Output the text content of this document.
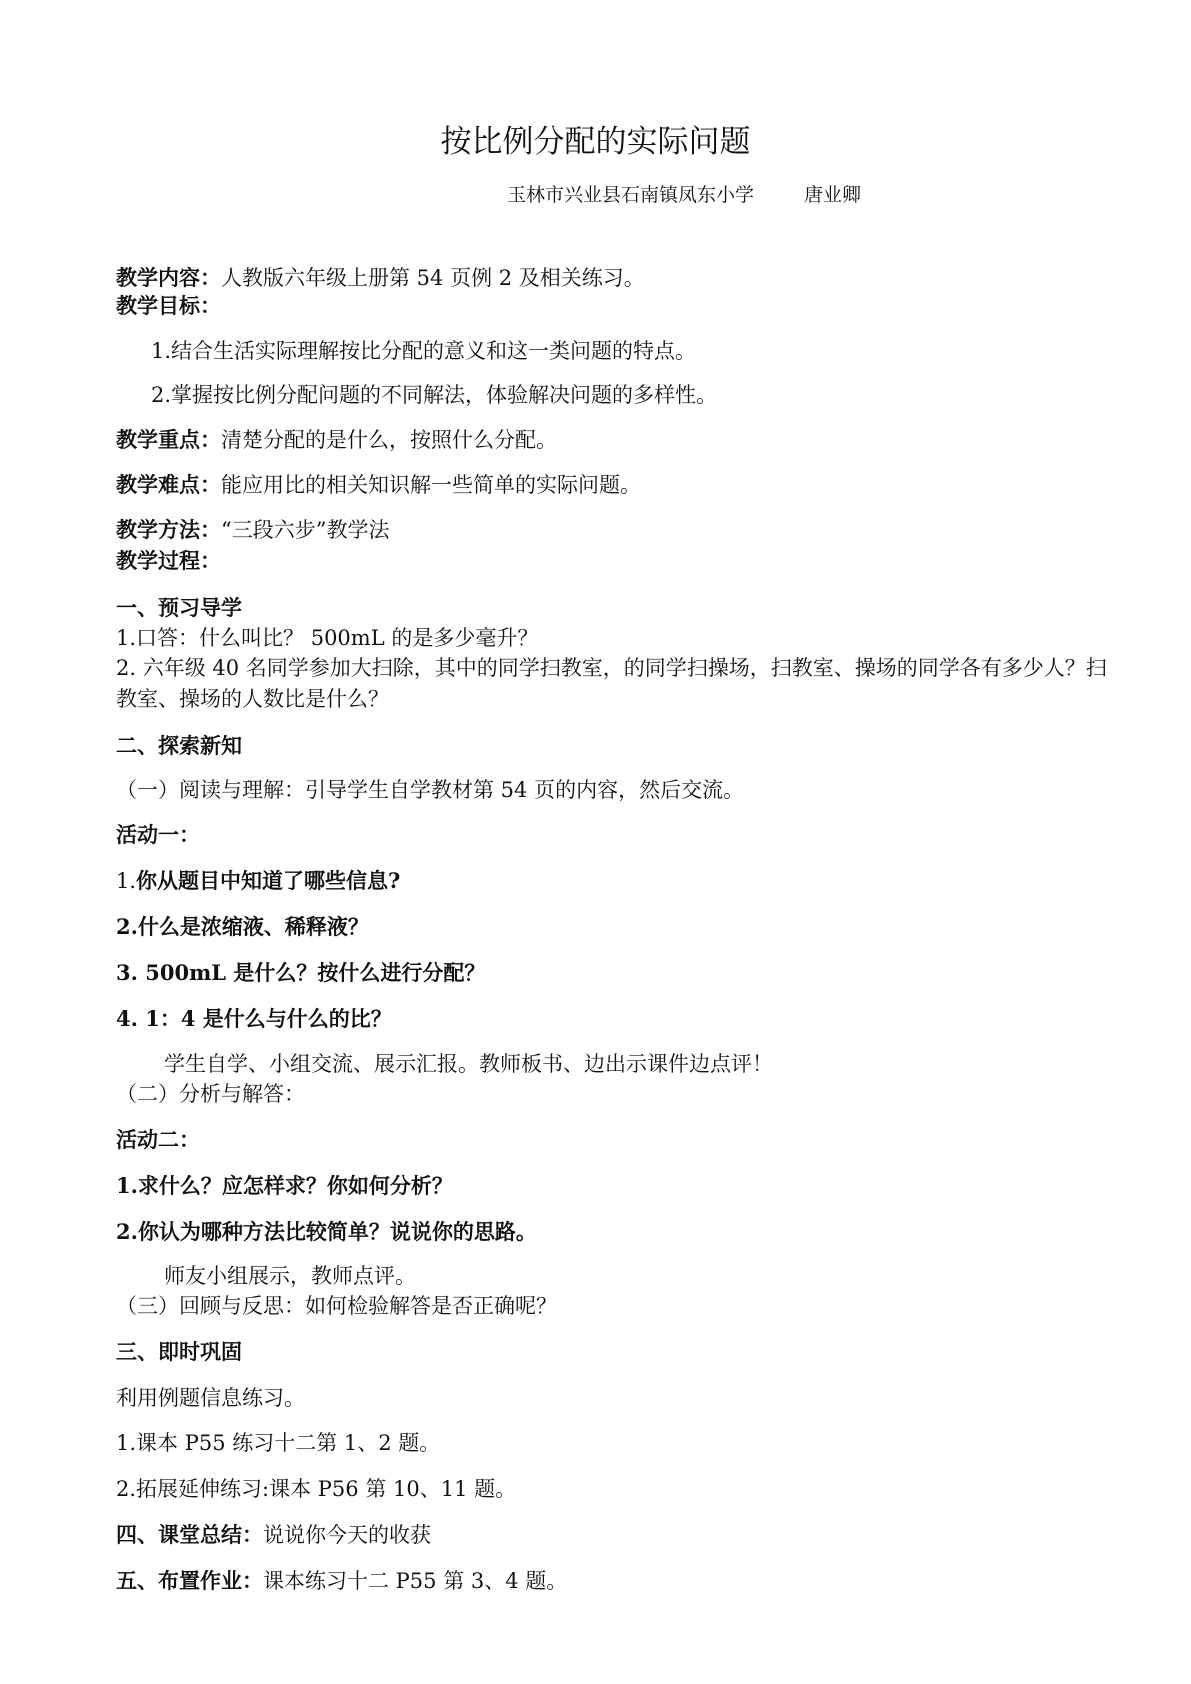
按比例分配的实际问题
玉林市兴业县石南镇凤东小学	唐业卿
教学内容：人教版六年级上册第 54 页例 2 及相关练习。
教学目标：
1.结合生活实际理解按比分配的意义和这一类问题的特点。
2.掌握按比例分配问题的不同解法，体验解决问题的多样性。
教学重点：清楚分配的是什么，按照什么分配。
教学难点：能应用比的相关知识解一些简单的实际问题。
教学方法：“三段六步”教学法
教学过程：
一、预习导学
1.口答：什么叫比？ 500mL 的是多少毫升？
2. 六年级 40 名同学参加大扫除，其中的同学扫教室，的同学扫操场，扫教室、操场的同学各有多少人？扫教室、操场的人数比是什么？
二、探索新知
（一）阅读与理解：引导学生自学教材第 54 页的内容，然后交流。
活动一：
1.你从题目中知道了哪些信息?
2.什么是浓缩液、稀释液？
3. 500mL 是什么？按什么进行分配？
4. 1：4 是什么与什么的比？
学生自学、小组交流、展示汇报。教师板书、边出示课件边点评！
（二）分析与解答：
活动二：
1.求什么？应怎样求？你如何分析？
2.你认为哪种方法比较简单？说说你的思路。
师友小组展示，教师点评。
（三）回顾与反思：如何检验解答是否正确呢？
三、即时巩固
利用例题信息练习。
1.课本 P55 练习十二第 1、2 题。
2.拓展延伸练习:课本 P56 第 10、11 题。
四、课堂总结：说说你今天的收获
五、布置作业：课本练习十二 P55 第 3、4 题。
